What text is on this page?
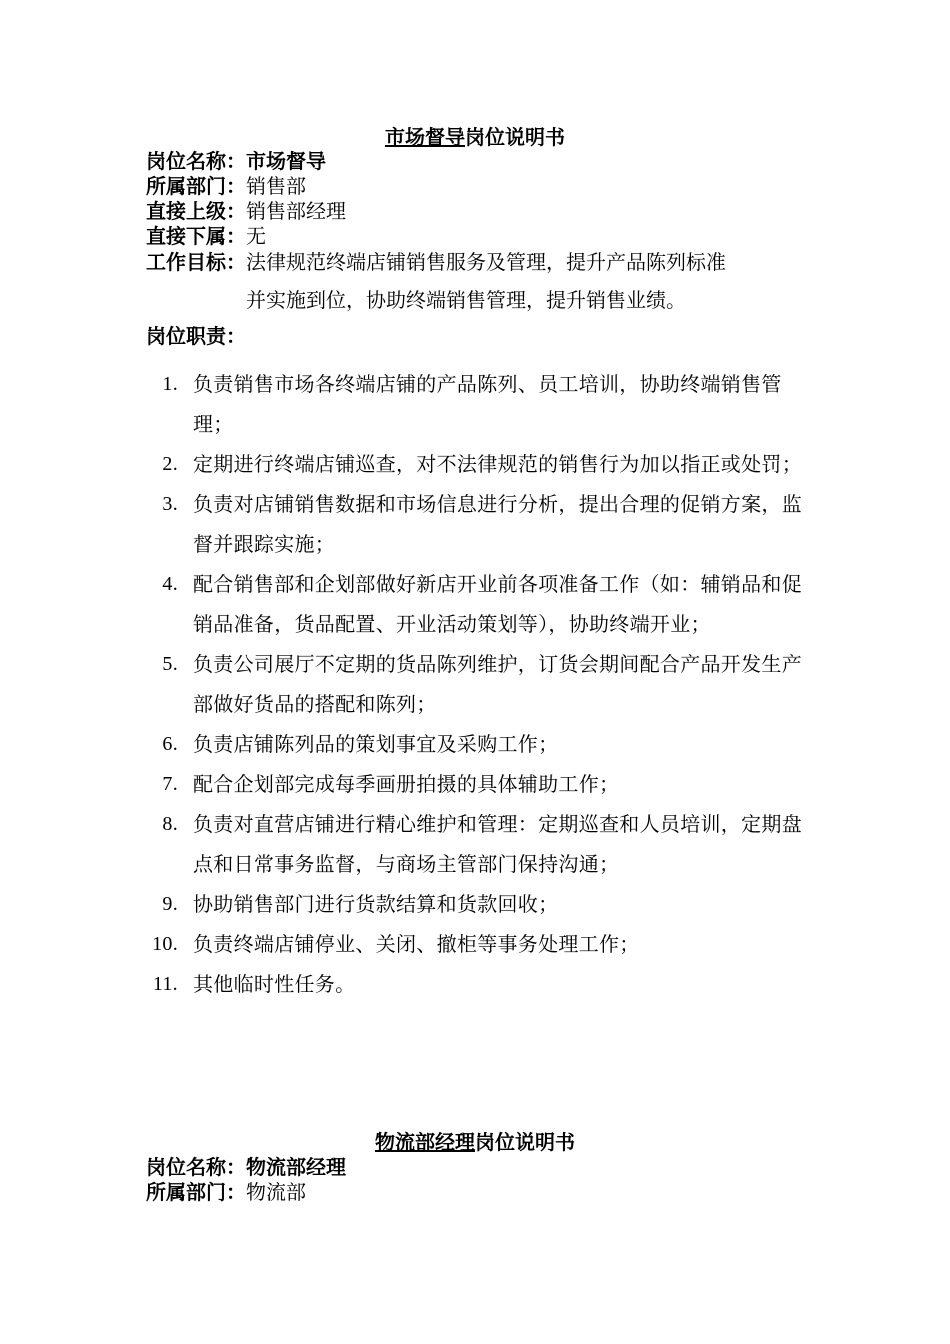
市场督导岗位说明书
岗位名称：市场督导
所属部门：销售部
直接上级：销售部经理
直接下属：无
工作目标：法律规范终端店铺销售服务及管理，提升产品陈列标准
并实施到位，协助终端销售管理，提升销售业绩。
岗位职责：
1. 负责销售市场各终端店铺的产品陈列、员工培训，协助终端销售管理；
2. 定期进行终端店铺巡查，对不法律规范的销售行为加以指正或处罚；
3. 负责对店铺销售数据和市场信息进行分析，提出合理的促销方案，监督并跟踪实施；
4. 配合销售部和企划部做好新店开业前各项准备工作（如：辅销品和促销品准备，货品配置、开业活动策划等），协助终端开业；
5. 负责公司展厅不定期的货品陈列维护，订货会期间配合产品开发生产部做好货品的搭配和陈列；
6. 负责店铺陈列品的策划事宜及采购工作；
7. 配合企划部完成每季画册拍摄的具体辅助工作；
8. 负责对直营店铺进行精心维护和管理：定期巡查和人员培训，定期盘点和日常事务监督，与商场主管部门保持沟通；
9. 协助销售部门进行货款结算和货款回收；
10. 负责终端店铺停业、关闭、撤柜等事务处理工作；
11. 其他临时性任务。
物流部经理岗位说明书
岗位名称：物流部经理
所属部门：物流部
